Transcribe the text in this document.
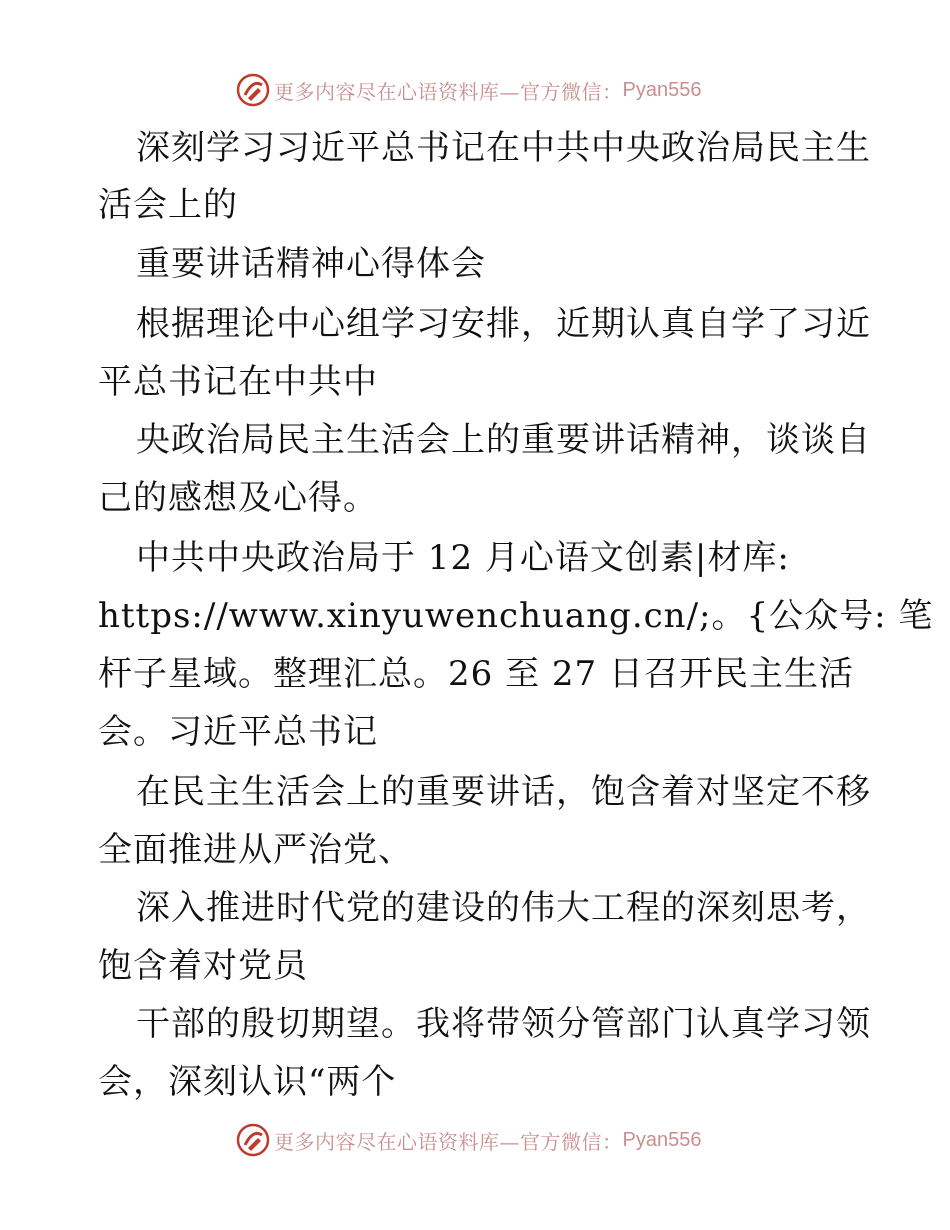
更多内容尽在心语资料库—官方微信： Pyan556
深刻学习习近平总书记在中共中央政治局民主生
活会上的
重要讲话精神心得体会
根据理论中心组学习安排，近期认真自学了习近
平总书记在中共中
央政治局民主生活会上的重要讲话精神，谈谈自
己的感想及心得。
中共中央政治局于 12 月心语文创素|材库:
https://www.xinyuwenchuang.cn/;。{公众号: 笔
杆子星域。整理汇总。26 至 27 日召开民主生活
会。习近平总书记
在民主生活会上的重要讲话，饱含着对坚定不移
全面推进从严治党、
深入推进时代党的建设的伟大工程的深刻思考，
饱含着对党员
干部的殷切期望。我将带领分管部门认真学习领
会，深刻认识“两个
更多内容尽在心语资料库—官方微信： Pyan556
